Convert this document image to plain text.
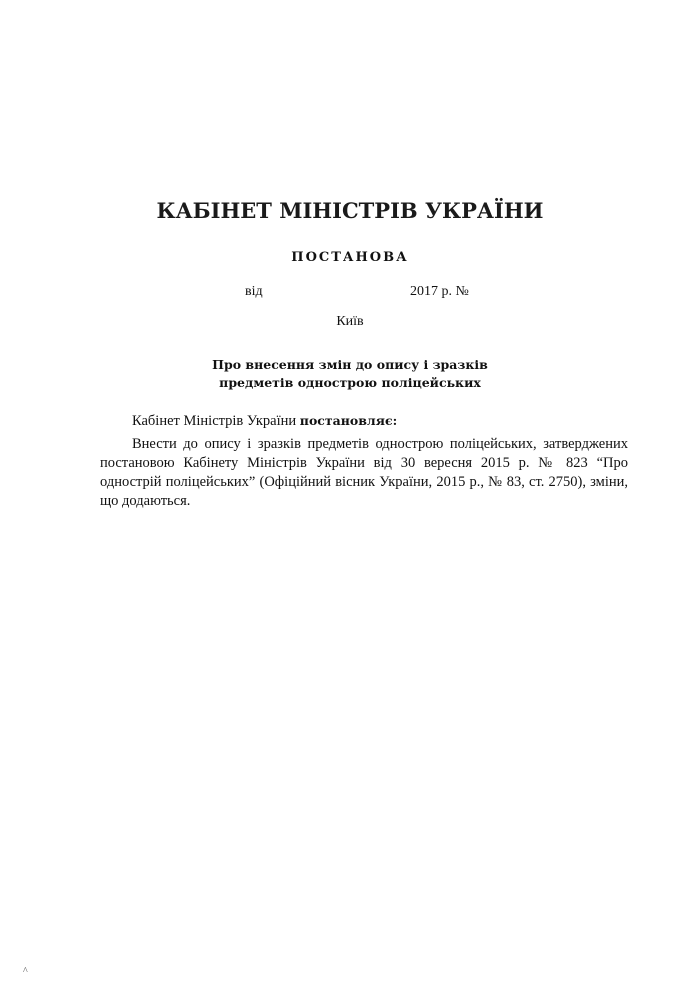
КАБІНЕТ МІНІСТРІВ УКРАЇНИ
ПОСТАНОВА
від	2017 р. №
Київ
Про внесення змін до опису і зразків
предметів однострою поліцейських

Кабінет Міністрів України постановляє:

Внести до опису і зразків предметів однострою поліцейських, затверджених постановою Кабінету Міністрів України від 30 вересня 2015 р. № 823 “Про однострій поліцейських” (Офіційний вісник України, 2015 р., № 83, ст. 2750), зміни, що додаються.

^
